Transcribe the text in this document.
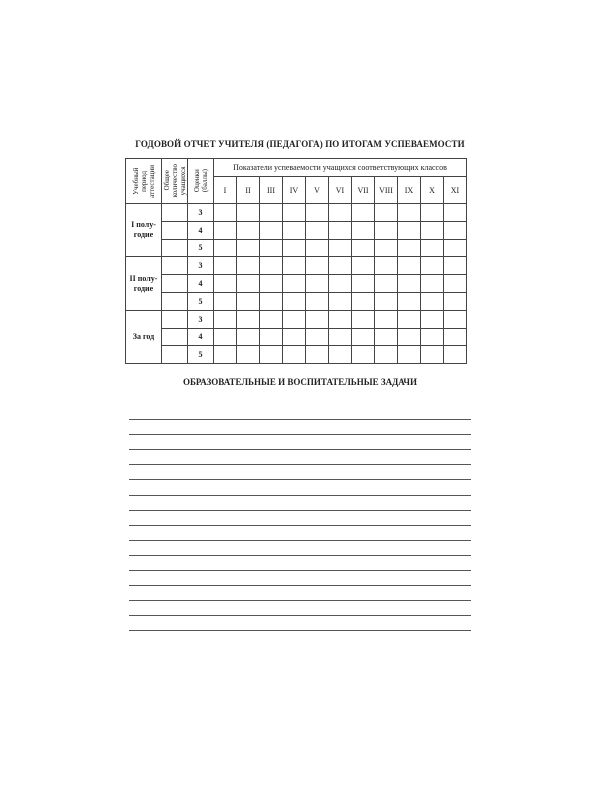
ГОДОВОЙ ОТЧЕТ УЧИТЕЛЯ (ПЕДАГОГА) ПО ИТОГАМ УСПЕВАЕМОСТИ
Учебный
период
аттестации	Общее
количество
учащихся	Оценки
(баллы)	Показатели успеваемости учащихся соответствующих классов										
			I	II	III	IV	V	VI	VII	VIII	IX	X	XI
I полу-
годие		3											
		4											
		5											
II полу-
годие		3											
		4											
		5											
За год		3											
		4											
		5											
ОБРАЗОВАТЕЛЬНЫЕ И ВОСПИТАТЕЛЬНЫЕ ЗАДАЧИ
